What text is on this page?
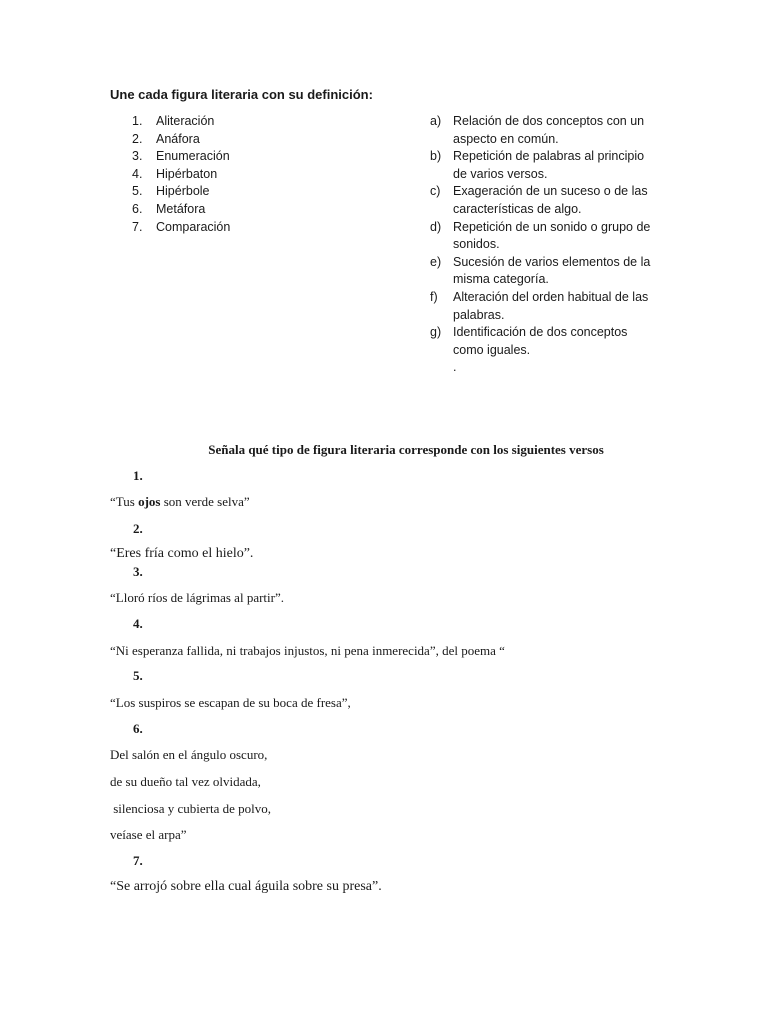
Une cada figura literaria con su definición:
1.	Aliteración
2.	Anáfora
3.	Enumeración
4.	Hipérbaton
5.	Hipérbole
6.	Metáfora
7.	Comparación
a) Relación de dos conceptos con un
aspecto en común.
b) Repetición de palabras al principio
de varios versos.
c)	Exageración de un suceso o de las
características de algo.
d) Repetición de un sonido o grupo de
sonidos.
e) Sucesión de varios elementos de la
misma categoría.
f)	Alteración del orden habitual de las
palabras.
g) Identificación de dos conceptos
como iguales.
.
Señala qué tipo de figura literaria corresponde con los siguientes versos
1.
“Tus ojos son verde selva”
2.
“Eres fría como el hielo”.
3.
“Lloró ríos de lágrimas al partir”.
4.
“Ni esperanza fallida, ni trabajos injustos, ni pena inmerecida”, del poema “
5.
“Los suspiros se escapan de su boca de fresa”,
6.
Del salón en el ángulo oscuro,
de su dueño tal vez olvidada,
silenciosa y cubierta de polvo,
veíase el arpa”
7.
“Se arrojó sobre ella cual águila sobre su presa”.
